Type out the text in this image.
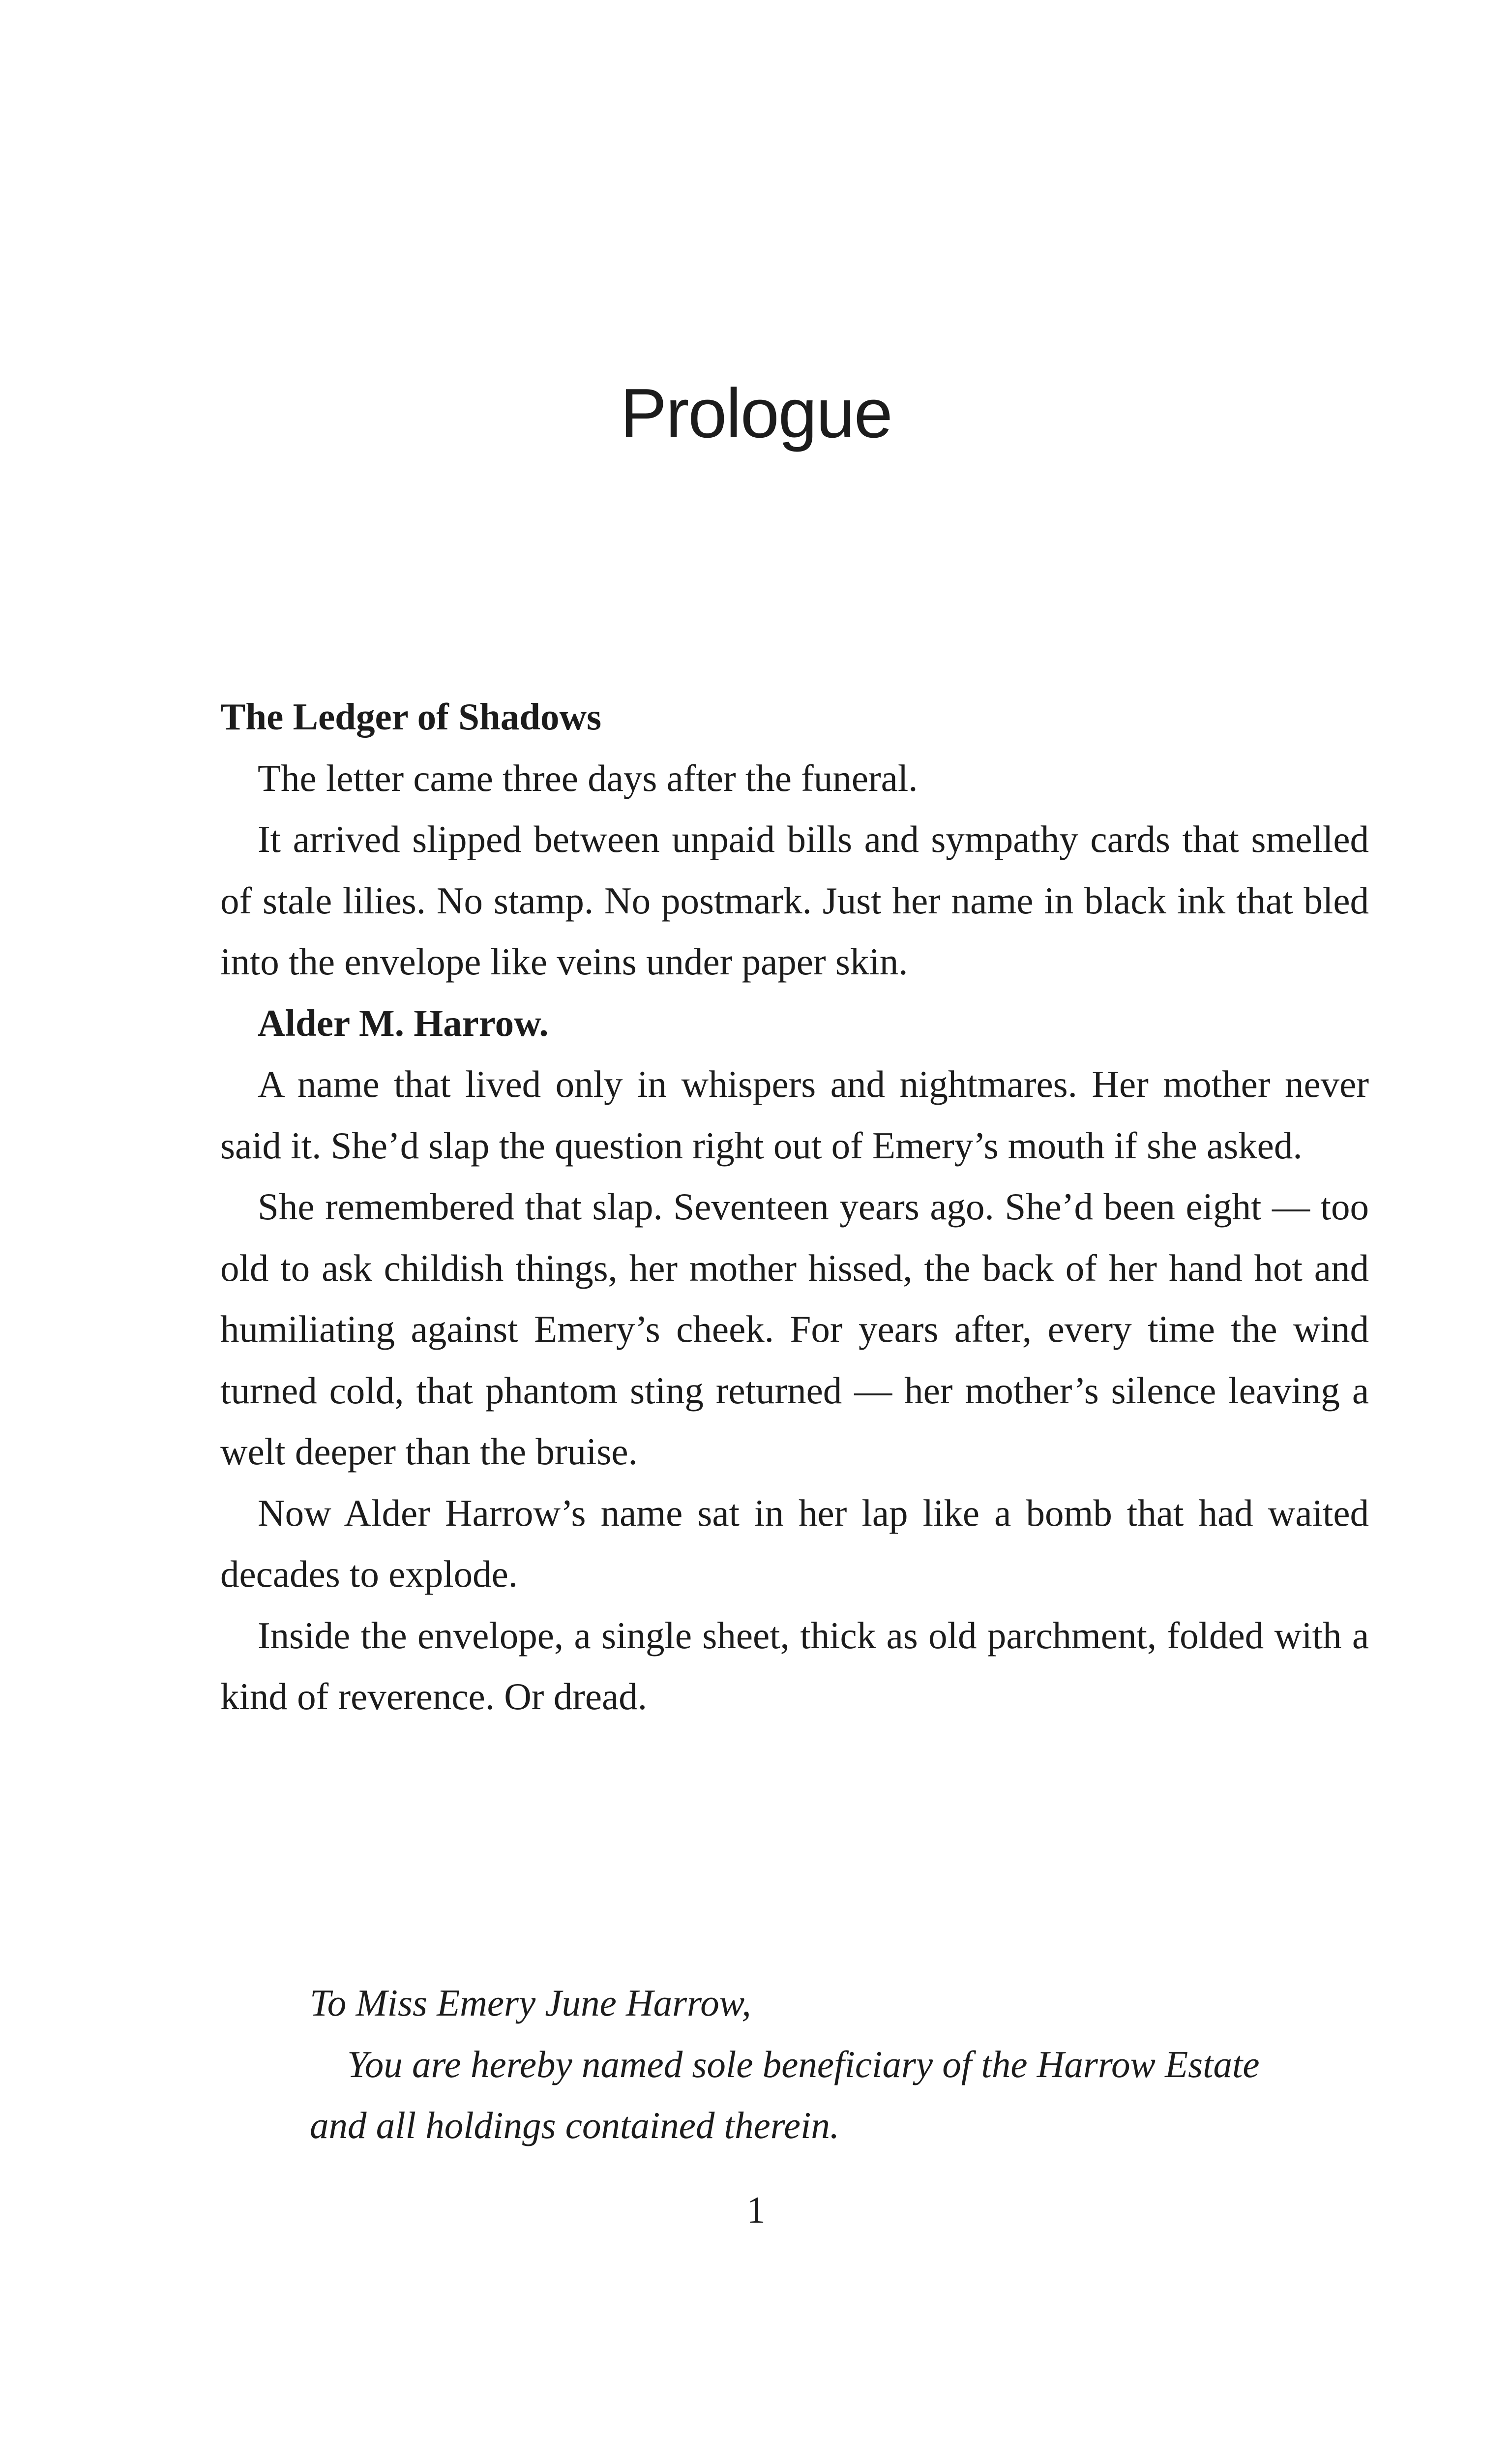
Prologue

The Ledger of Shadows

The letter came three days after the funeral.

It arrived slipped between unpaid bills and sympathy cards that smelled of stale lilies. No stamp. No postmark. Just her name in black ink that bled into the envelope like veins under paper skin.

Alder M. Harrow.

A name that lived only in whispers and nightmares. Her mother never said it. She’d slap the question right out of Emery’s mouth if she asked.

She remembered that slap. Seventeen years ago. She’d been eight — too old to ask childish things, her mother hissed, the back of her hand hot and humiliating against Emery’s cheek. For years after, every time the wind turned cold, that phantom sting returned — her mother’s silence leaving a welt deeper than the bruise.

Now Alder Harrow’s name sat in her lap like a bomb that had waited decades to explode.

Inside the envelope, a single sheet, thick as old parchment, folded with a kind of reverence. Or dread.

To Miss Emery June Harrow,

You are hereby named sole beneficiary of the Harrow Estate and all holdings contained therein.

1
